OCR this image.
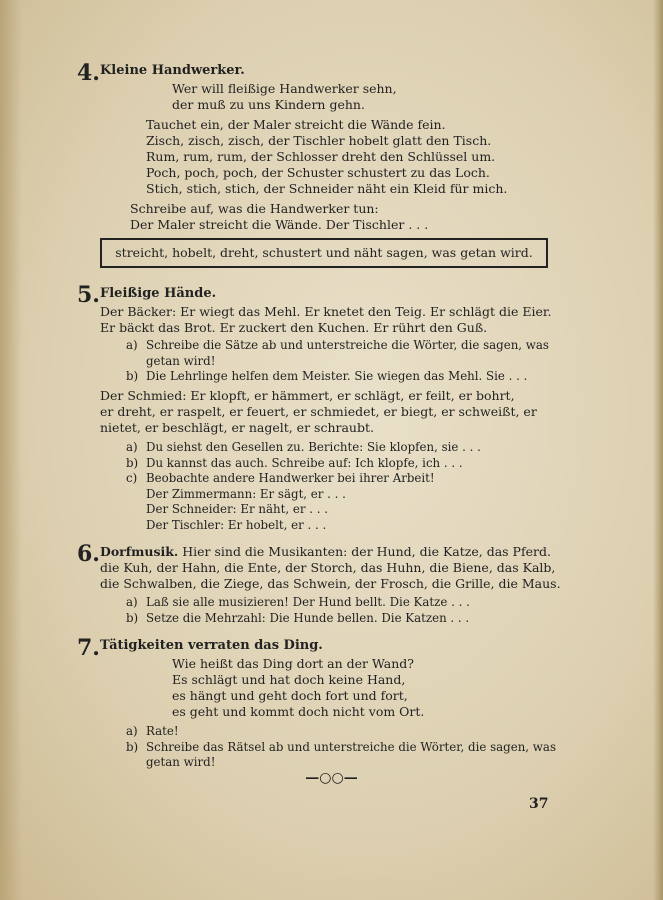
4. Kleine Handwerker.
Wer will fleißige Handwerker sehn,
der muß zu uns Kindern gehn.
Tauchet ein, der Maler streicht die Wände fein.
Zisch, zisch, zisch, der Tischler hobelt glatt den Tisch.
Rum, rum, rum, der Schlosser dreht den Schlüssel um.
Poch, poch, poch, der Schuster schustert zu das Loch.
Stich, stich, stich, der Schneider näht ein Kleid für mich.
Schreibe auf, was die Handwerker tun:
Der Maler streicht die Wände. Der Tischler . . .
streicht, hobelt, dreht, schustert und näht sagen, was getan wird.
5. Fleißige Hände.
Der Bäcker: Er wiegt das Mehl. Er knetet den Teig. Er schlägt die Eier.
Er bäckt das Brot. Er zuckert den Kuchen. Er rührt den Guß.
a) Schreibe die Sätze ab und unterstreiche die Wörter, die sagen, was
getan wird!
b) Die Lehrlinge helfen dem Meister. Sie wiegen das Mehl. Sie . . .
Der Schmied: Er klopft, er hämmert, er schlägt, er feilt, er bohrt,
er dreht, er raspelt, er feuert, er schmiedet, er biegt, er schweißt, er
nietet, er beschlägt, er nagelt, er schraubt.
a) Du siehst den Gesellen zu. Berichte: Sie klopfen, sie . . .
b) Du kannst das auch. Schreibe auf: Ich klopfe, ich . . .
c) Beobachte andere Handwerker bei ihrer Arbeit!
Der Zimmermann: Er sägt, er . . .
Der Schneider: Er näht, er . . .
Der Tischler: Er hobelt, er . . .
6. Dorfmusik. Hier sind die Musikanten: der Hund, die Katze, das Pferd.
die Kuh, der Hahn, die Ente, der Storch, das Huhn, die Biene, das Kalb,
die Schwalben, die Ziege, das Schwein, der Frosch, die Grille, die Maus.
a) Laß sie alle musizieren! Der Hund bellt. Die Katze . . .
b) Setze die Mehrzahl: Die Hunde bellen. Die Katzen . . .
7. Tätigkeiten verraten das Ding.
Wie heißt das Ding dort an der Wand?
Es schlägt und hat doch keine Hand,
es hängt und geht doch fort und fort,
es geht und kommt doch nicht vom Ort.
a) Rate!
b) Schreibe das Rätsel ab und unterstreiche die Wörter, die sagen, was
getan wird!
—○○—
37
